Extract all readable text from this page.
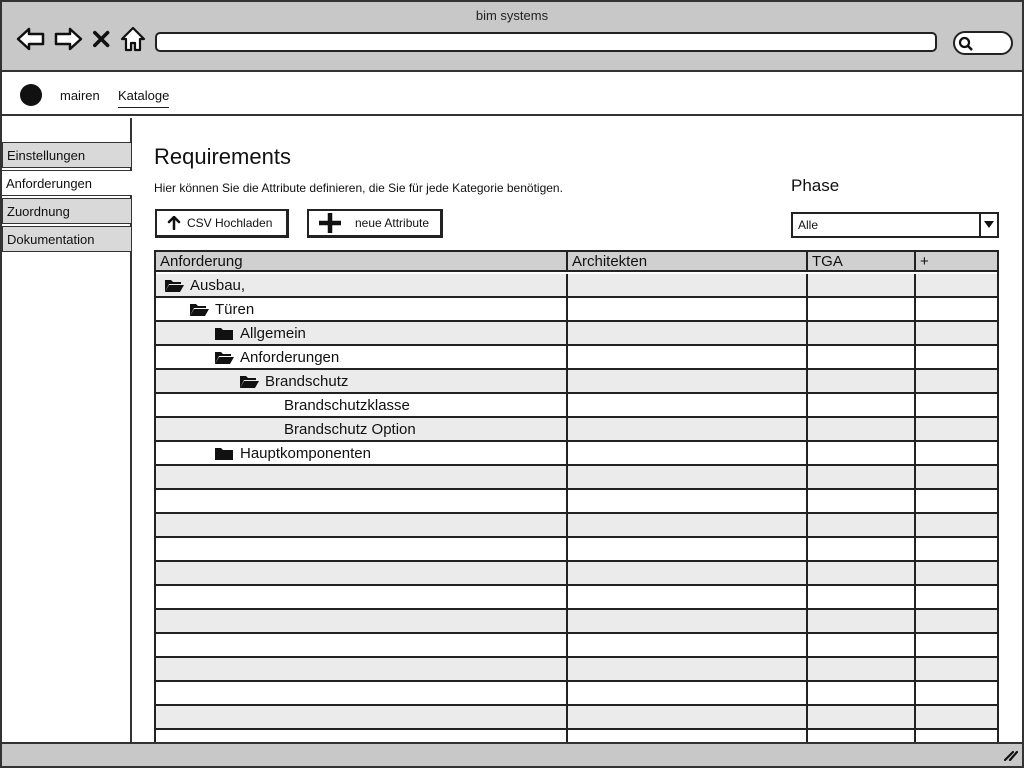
bim systems
mairen Kataloge
Einstellungen
Anforderungen
Zuordnung
Dokumentation
Requirements
Hier können Sie die Attribute definieren, die Sie für jede Kategorie benötigen.	Phase
Alle
CSV Hochladen	neue Attribute
Anforderung	Architekten	TGA	+
Ausbau,
Türen
Allgemein
Anforderungen
Brandschutz
Brandschutzklasse
Brandschutz Option
Hauptkomponenten
